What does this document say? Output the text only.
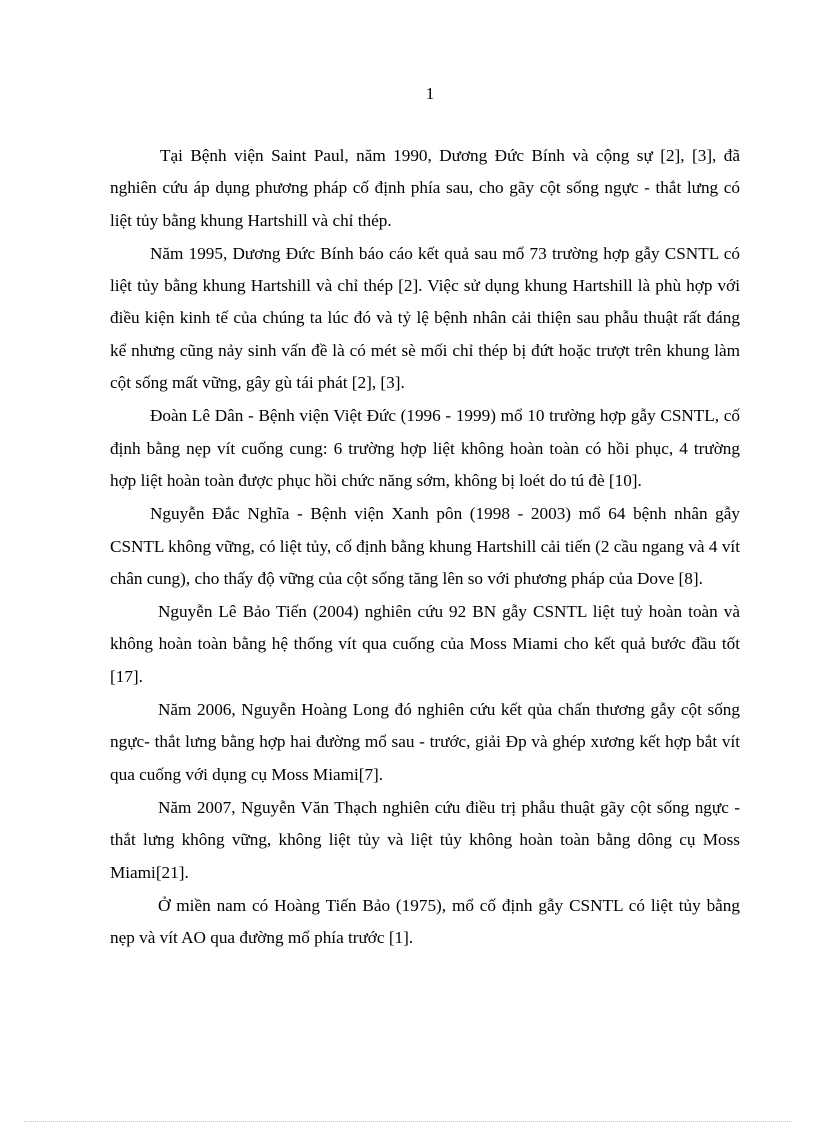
1

Tại Bệnh viện Saint Paul, năm 1990, Dương Đức Bính và cộng sự [2], [3], đã nghiên cứu áp dụng phương pháp cố định phía sau, cho gãy cột sống ngực - thắt lưng có liệt tủy bằng khung Hartshill và chỉ thép.

Năm 1995, Dương Đức Bính báo cáo kết quả sau mổ 73 trường hợp gẫy CSNTL có liệt tủy bằng khung Hartshill và chỉ thép [2]. Việc sử dụng khung Hartshill là phù hợp với điều kiện kinh tế của chúng ta lúc đó và tỷ lệ bệnh nhân cải thiện sau phẫu thuật rất đáng kể nhưng cũng nảy sinh vấn đề là có mét sè mối chỉ thép bị đứt hoặc trượt trên khung làm cột sống mất vững, gây gù tái phát [2], [3].

Đoàn Lê Dân - Bệnh viện Việt Đức (1996 - 1999) mổ 10 trường hợp gẫy CSNTL, cố định bằng nẹp vít cuống cung: 6 trường hợp liệt không hoàn toàn có hồi phục, 4 trường hợp liệt hoàn toàn được phục hồi chức năng sớm, không bị loét do tú đè [10].

Nguyễn Đắc Nghĩa - Bệnh viện Xanh pôn (1998 - 2003) mổ 64 bệnh nhân gẫy CSNTL không vững, có liệt tủy, cố định bằng khung Hartshill cải tiến (2 cầu ngang và 4 vít chân cung), cho thấy độ vững của cột sống tăng lên so với phương pháp của Dove [8].

Nguyễn Lê Bảo Tiến (2004) nghiên cứu 92 BN gẫy CSNTL liệt tuỷ hoàn toàn và không hoàn toàn bằng hệ thống vít qua cuống của Moss Miami cho kết quả bước đầu tốt [17].

Năm 2006, Nguyễn Hoàng Long đó nghiên cứu kết qủa chấn thương gẫy cột sống ngực- thắt lưng bằng hợp hai đường mổ sau - trước, giải Ðp và ghép xương kết hợp bắt vít qua cuống với dụng cụ Moss Miami[7].

Năm 2007, Nguyễn Văn Thạch nghiên cứu điều trị phẫu thuật gãy cột sống ngực - thắt lưng không vững, không liệt tủy và liệt tủy không hoàn toàn bằng dông cụ Moss Miami[21].

Ở miền nam có Hoàng Tiến Bảo (1975), mổ cố định gẫy CSNTL có liệt tủy bằng nẹp và vít AO qua đường mổ phía trước [1].
